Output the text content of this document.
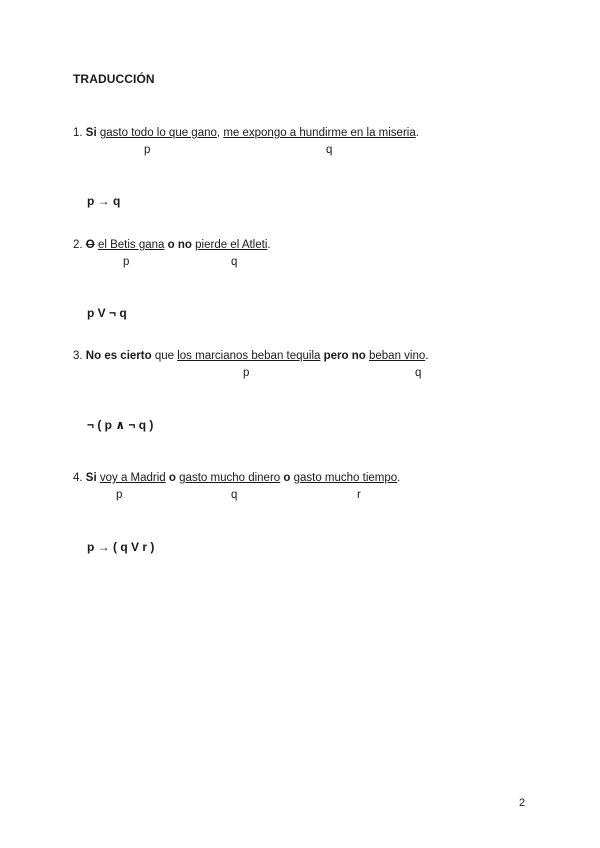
TRADUCCIÓN
1. Si gasto todo lo que gano, me expongo a hundirme en la miseria.
p	q
p → q
2. O el Betis gana o no pierde el Atleti.
p	q
p V ¬ q
3. No es cierto que los marcianos beban tequila pero no beban vino.
p	q
¬ ( p ∧ ¬ q )
4. Si voy a Madrid o gasto mucho dinero o gasto mucho tiempo.
p	q	r
p → ( q V r )
2
